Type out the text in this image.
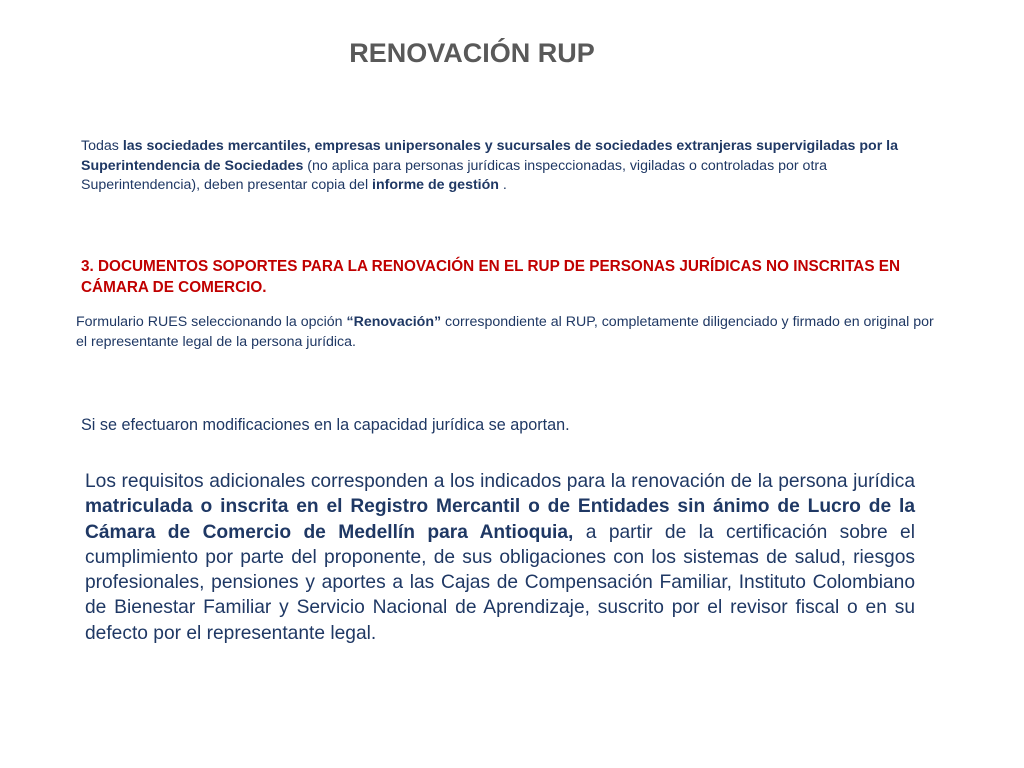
RENOVACIÓN RUP
Todas las sociedades mercantiles, empresas unipersonales y sucursales de sociedades extranjeras supervigiladas por la Superintendencia de Sociedades (no aplica para personas jurídicas inspeccionadas, vigiladas o controladas por otra Superintendencia), deben presentar copia del informe de gestión .
3. DOCUMENTOS SOPORTES PARA LA RENOVACIÓN EN EL RUP DE PERSONAS JURÍDICAS NO INSCRITAS EN CÁMARA DE COMERCIO.
Formulario RUES seleccionando la opción “Renovación” correspondiente al RUP, completamente diligenciado y firmado en original por el representante legal de la persona jurídica.
Si se efectuaron modificaciones en la capacidad jurídica se aportan.
Los requisitos adicionales corresponden a los indicados para la renovación de la persona jurídica matriculada o inscrita en el Registro Mercantil o de Entidades sin ánimo de Lucro de la Cámara de Comercio de Medellín para Antioquia, a partir de la certificación sobre el cumplimiento por parte del proponente, de sus obligaciones con los sistemas de salud, riesgos profesionales, pensiones y aportes a las Cajas de Compensación Familiar, Instituto Colombiano de Bienestar Familiar y Servicio Nacional de Aprendizaje, suscrito por el revisor fiscal o en su defecto por el representante legal.
